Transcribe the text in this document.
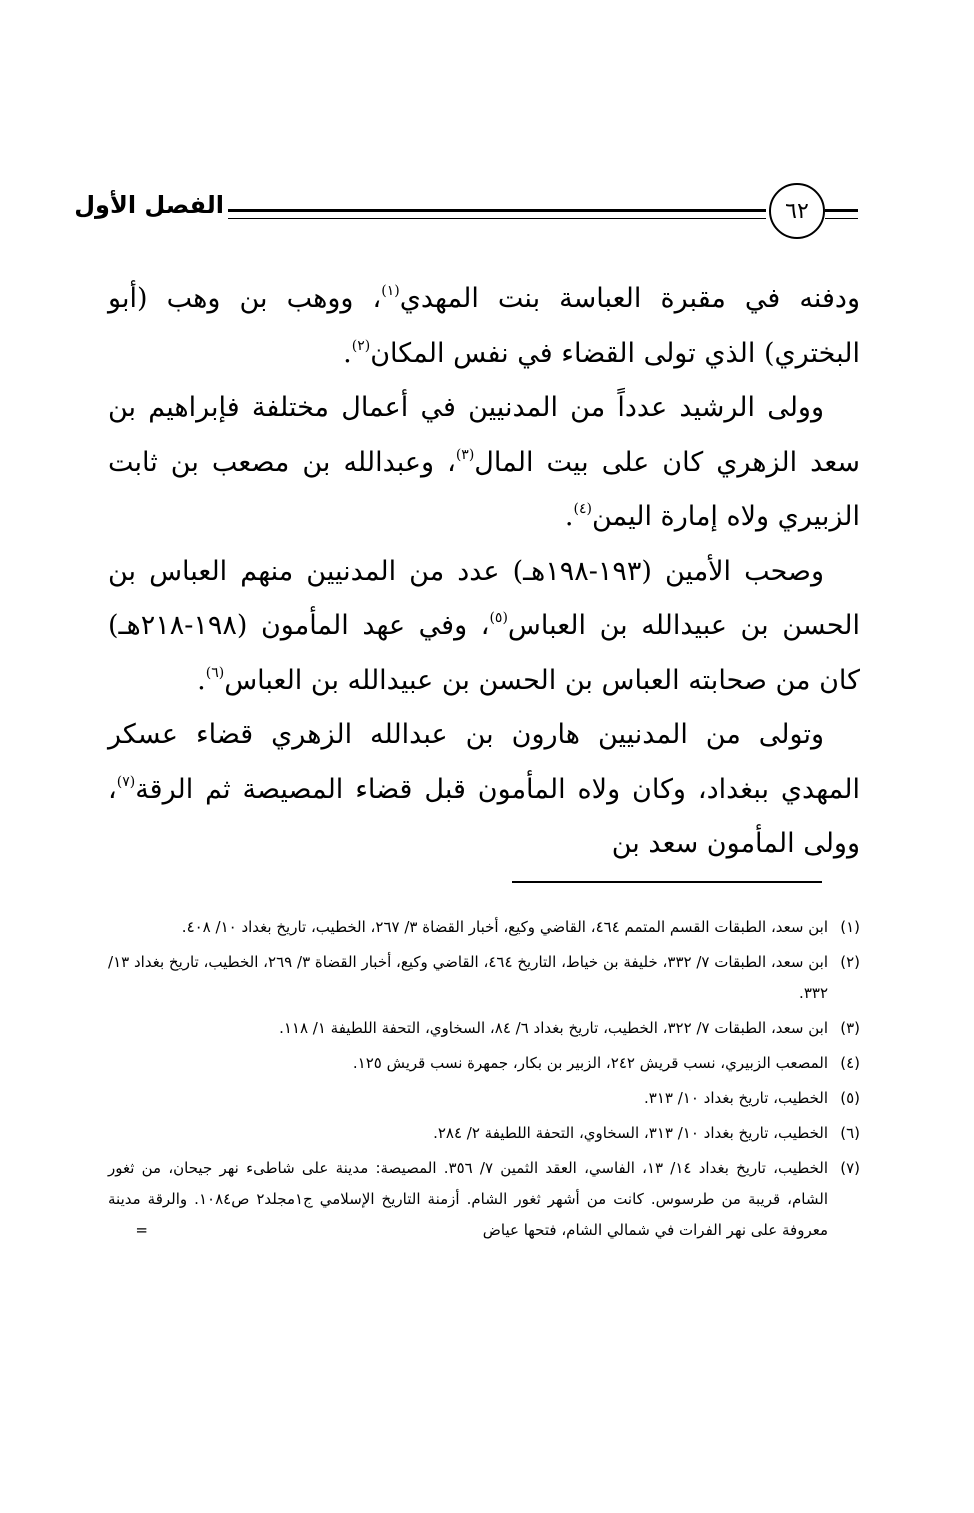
الفصل الأول	٦٢

ودفنه في مقبرة العباسة بنت المهدي$^{(١)}$، ووهب بن وهب (أبو البختري) الذي تولى القضاء في نفس المكان$^{(٢)}$.

وولى الرشيد عدداً من المدنيين في أعمال مختلفة فإبراهيم بن سعد الزهري كان على بيت المال$^{(٣)}$، وعبدالله بن مصعب بن ثابت الزبيري ولاه إمارة اليمن$^{(٤)}$.

وصحب الأمين (١٩٣-١٩٨هـ) عدد من المدنيين منهم العباس بن الحسن بن عبيدالله بن العباس$^{(٥)}$، وفي عهد المأمون (١٩٨-٢١٨هـ) كان من صحابته العباس بن الحسن بن عبيدالله بن العباس$^{(٦)}$.

وتولى من المدنيين هارون بن عبدالله الزهري قضاء عسكر المهدي ببغداد، وكان ولاه المأمون قبل قضاء المصيصة ثم الرقة$^{(٧)}$، وولى المأمون سعد بن

(١)ابن سعد، الطبقات القسم المتمم ٤٦٤، القاضي وكيع، أخبار القضاة ٣/ ٢٦٧، الخطيب، تاريخ بغداد ١٠/ ٤٠٨.

(٢)ابن سعد، الطبقات ٧/ ٣٣٢، خليفة بن خياط، التاريخ ٤٦٤، القاضي وكيع، أخبار القضاة ٣/ ٢٦٩، الخطيب، تاريخ بغداد ١٣/ ٣٣٢.

(٣)ابن سعد، الطبقات ٧/ ٣٢٢، الخطيب، تاريخ بغداد ٦/ ٨٤، السخاوي، التحفة اللطيفة ١/ ١١٨.

(٤)المصعب الزبيري، نسب قريش ٢٤٢، الزبير بن بكار، جمهرة نسب قريش ١٢٥.

(٥)الخطيب، تاريخ بغداد ١٠/ ٣١٣.

(٦)الخطيب، تاريخ بغداد ١٠/ ٣١٣، السخاوي، التحفة اللطيفة ٢/ ٢٨٤.

(٧)الخطيب، تاريخ بغداد ١٤/ ١٣، الفاسي، العقد الثمين ٧/ ٣٥٦. المصيصة: مدينة على شاطىء نهر جيحان، من ثغور الشام، قريبة من طرسوس. كانت من أشهر ثغور الشام. أزمنة التاريخ الإسلامي ج١مجلد٢ ص١٠٨٤. والرقة مدينة معروفة على نهر الفرات في شمالي الشام، فتحها عياض
=
